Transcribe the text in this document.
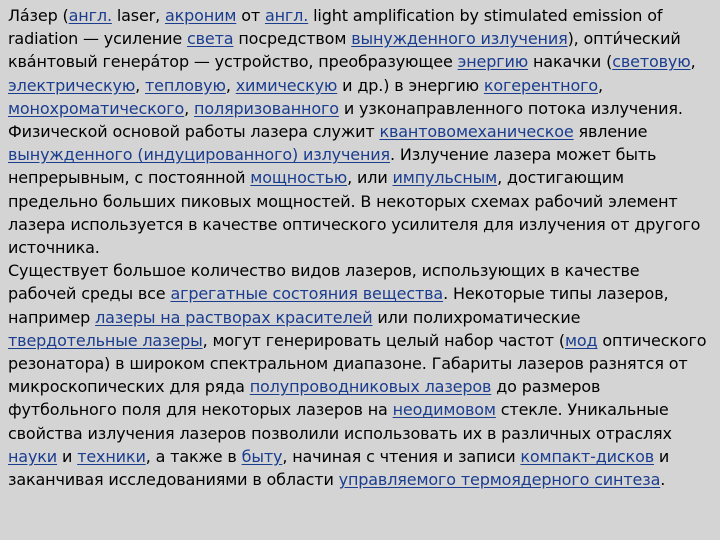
Ла́зер (англ. laser, акроним от англ. light amplification by stimulated emission of radiation — усиление света посредством вынужденного излучения), опти́ческий ква́нтовый генера́тор — устройство, преобразующее энергию накачки (световую, электрическую, тепловую, химическую и др.) в энергию когерентного, монохроматического, поляризованного и узконаправленного потока излучения. Физической основой работы лазера служит квантовомеханическое явление вынужденного (индуцированного) излучения. Излучение лазера может быть непрерывным, с постоянной мощностью, или импульсным, достигающим предельно больших пиковых мощностей. В некоторых схемах рабочий элемент лазера используется в качестве оптического усилителя для излучения от другого источника.

Существует большое количество видов лазеров, использующих в качестве рабочей среды все агрегатные состояния вещества. Некоторые типы лазеров, например лазеры на растворах красителей или полихроматические твердотельные лазеры, могут генерировать целый набор частот (мод оптического резонатора) в широком спектральном диапазоне. Габариты лазеров разнятся от микроскопических для ряда полупроводниковых лазеров до размеров футбольного поля для некоторых лазеров на неодимовом стекле. Уникальные свойства излучения лазеров позволили использовать их в различных отраслях науки и техники, а также в быту, начиная с чтения и записи компакт-дисков и заканчивая исследованиями в области управляемого термоядерного синтеза.
